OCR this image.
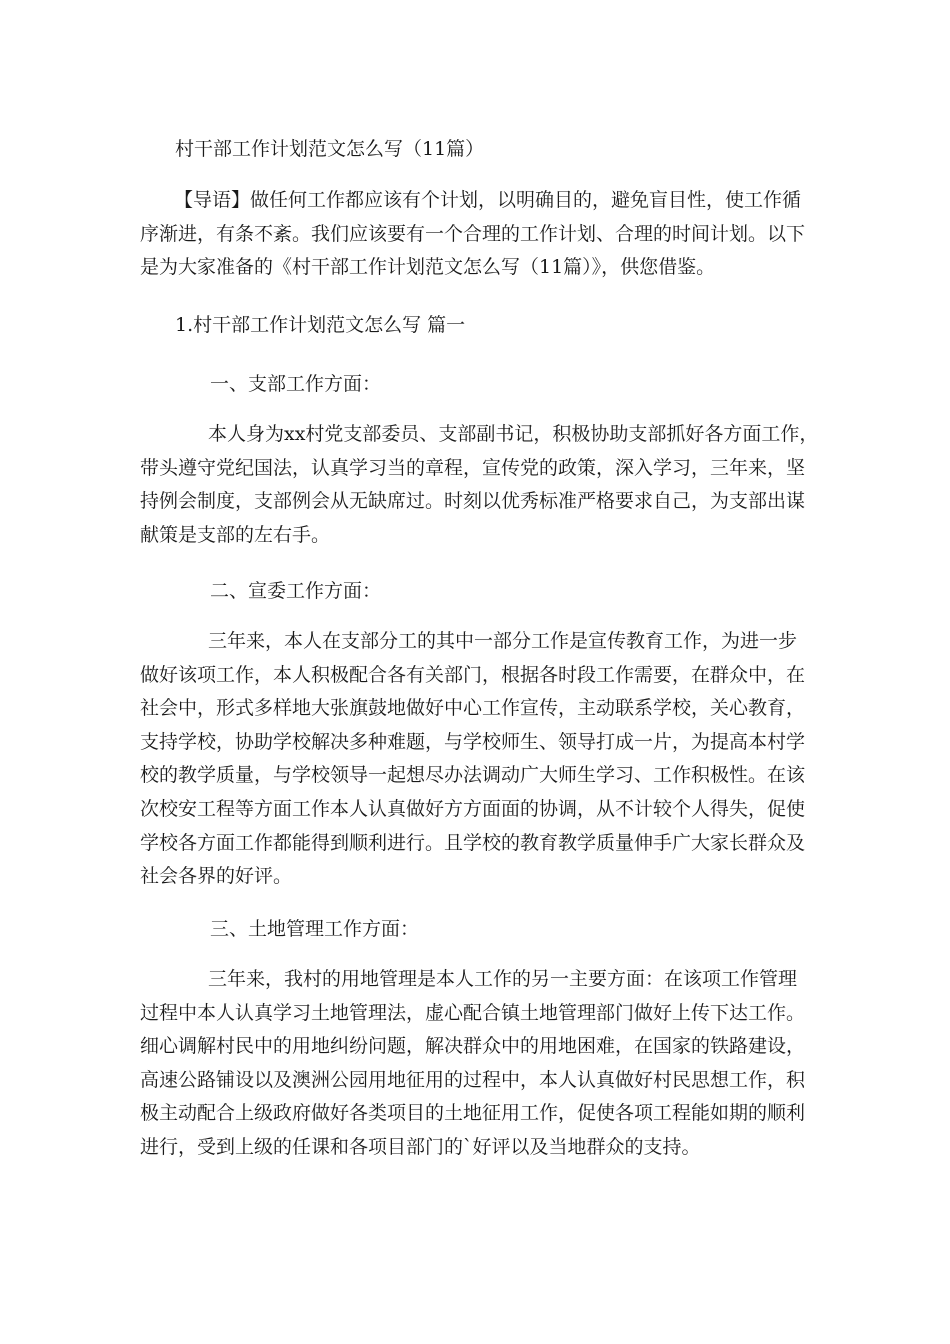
村干部工作计划范文怎么写（11篇）
【导语】做任何工作都应该有个计划，以明确目的，避免盲目性，使工作循
序渐进，有条不紊。我们应该要有一个合理的工作计划、合理的时间计划。以下
是为大家准备的《村干部工作计划范文怎么写（11篇）》，供您借鉴。
1.村干部工作计划范文怎么写 篇一
一、支部工作方面：
本人身为xx村党支部委员、支部副书记，积极协助支部抓好各方面工作，
带头遵守党纪国法，认真学习当的章程，宣传党的政策，深入学习，三年来，坚
持例会制度，支部例会从无缺席过。时刻以优秀标准严格要求自己，为支部出谋
献策是支部的左右手。
二、宣委工作方面：
三年来，本人在支部分工的其中一部分工作是宣传教育工作，为进一步
做好该项工作，本人积极配合各有关部门，根据各时段工作需要，在群众中，在
社会中，形式多样地大张旗鼓地做好中心工作宣传，主动联系学校，关心教育，
支持学校，协助学校解决多种难题，与学校师生、领导打成一片，为提高本村学
校的教学质量，与学校领导一起想尽办法调动广大师生学习、工作积极性。在该
次校安工程等方面工作本人认真做好方方面面的协调，从不计较个人得失，促使
学校各方面工作都能得到顺利进行。且学校的教育教学质量伸手广大家长群众及
社会各界的好评。
三、土地管理工作方面：
三年来，我村的用地管理是本人工作的另一主要方面：在该项工作管理
过程中本人认真学习土地管理法，虚心配合镇土地管理部门做好上传下达工作。
细心调解村民中的用地纠纷问题，解决群众中的用地困难，在国家的铁路建设，
高速公路铺设以及澳洲公园用地征用的过程中，本人认真做好村民思想工作，积
极主动配合上级政府做好各类项目的土地征用工作，促使各项工程能如期的顺利
进行，受到上级的任课和各项目部门的`好评以及当地群众的支持。
